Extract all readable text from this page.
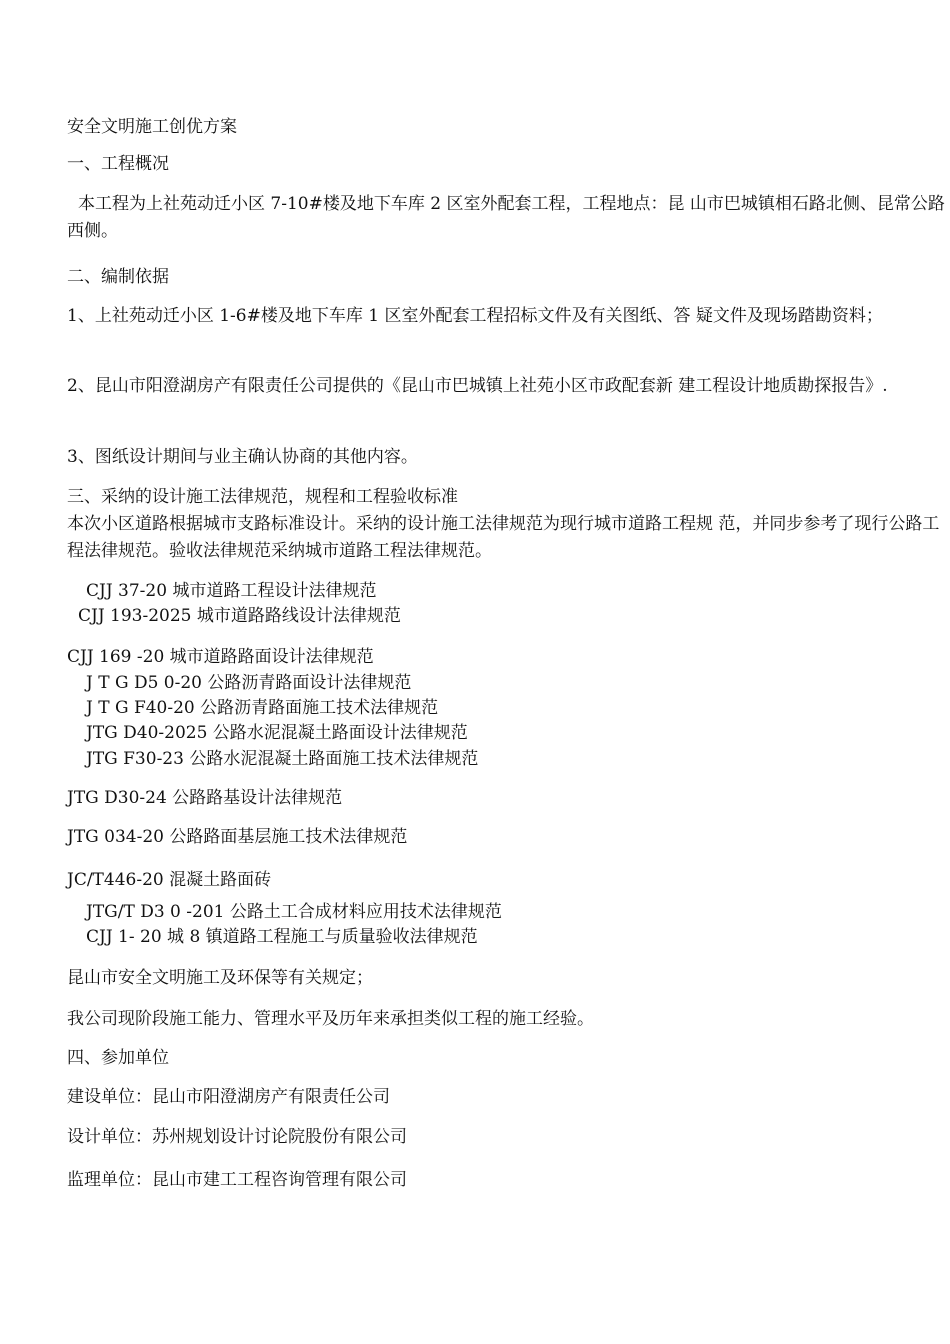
安全文明施工创优方案
一、工程概况
本工程为上社苑动迁小区 7-10#楼及地下车库 2 区室外配套工程，工程地点：昆 山市巴城镇相石路北侧、昆常公路西侧。
二、编制依据
1、上社苑动迁小区 1-6#楼及地下车库 1 区室外配套工程招标文件及有关图纸、答 疑文件及现场踏勘资料；
2、昆山市阳澄湖房产有限责任公司提供的《昆山市巴城镇上社苑小区市政配套新 建工程设计地质勘探报告》.
3、图纸设计期间与业主确认协商的其他内容。
三、采纳的设计施工法律规范，规程和工程验收标准
本次小区道路根据城市支路标准设计。采纳的设计施工法律规范为现行城市道路工程规 范，并同步参考了现行公路工程法律规范。验收法律规范采纳城市道路工程法律规范。
CJJ 37-20 城市道路工程设计法律规范
CJJ 193-2025 城市道路路线设计法律规范
CJJ 169 -20 城市道路路面设计法律规范
J T G D5 0-20 公路沥青路面设计法律规范
J T G F40-20 公路沥青路面施工技术法律规范
JTG D40-2025 公路水泥混凝土路面设计法律规范
JTG F30-23 公路水泥混凝土路面施工技术法律规范
JTG D30-24 公路路基设计法律规范
JTG 034-20 公路路面基层施工技术法律规范
JC/T446-20 混凝土路面砖
JTG/T D3 0 -201 公路土工合成材料应用技术法律规范
CJJ 1- 20 城 8 镇道路工程施工与质量验收法律规范
昆山市安全文明施工及环保等有关规定；
我公司现阶段施工能力、管理水平及历年来承担类似工程的施工经验。
四、参加单位
建设单位：昆山市阳澄湖房产有限责任公司
设计单位：苏州规划设计讨论院股份有限公司
监理单位：昆山市建工工程咨询管理有限公司
